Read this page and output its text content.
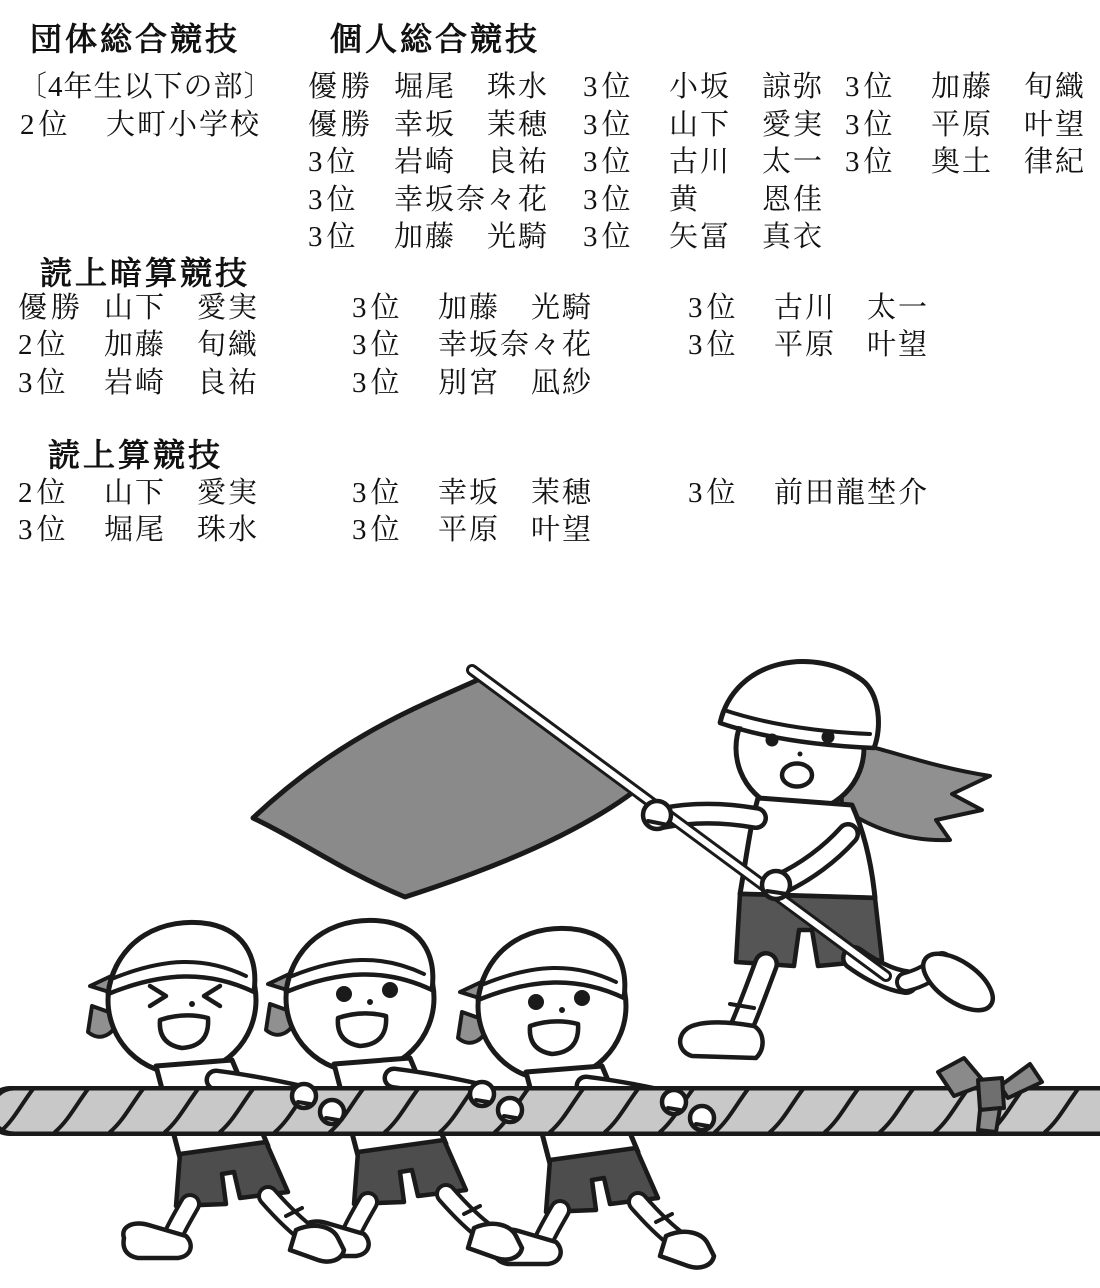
団体総合競技
〔4年生以下の部〕
2位 大町小学校
個人総合競技
優勝 堀尾　珠水
優勝 幸坂　茉穂
3位 岩崎　良祐
3位 幸坂奈々花
3位 加藤　光騎
3位 小坂　諒弥
3位 山下　愛実
3位 古川　太一
3位 黄　　恩佳
3位 矢冨　真衣
3位 加藤　旬織
3位 平原　叶望
3位 奥土　律紀
読上暗算競技
優勝 山下　愛実
2位 加藤　旬織
3位 岩崎　良祐
3位 加藤　光騎
3位 幸坂奈々花
3位 別宮　凪紗
3位 古川　太一
3位 平原　叶望
読上算競技
2位 山下　愛実
3位 堀尾　珠水
3位 幸坂　茉穂
3位 平原　叶望
3位 前田龍埜介
